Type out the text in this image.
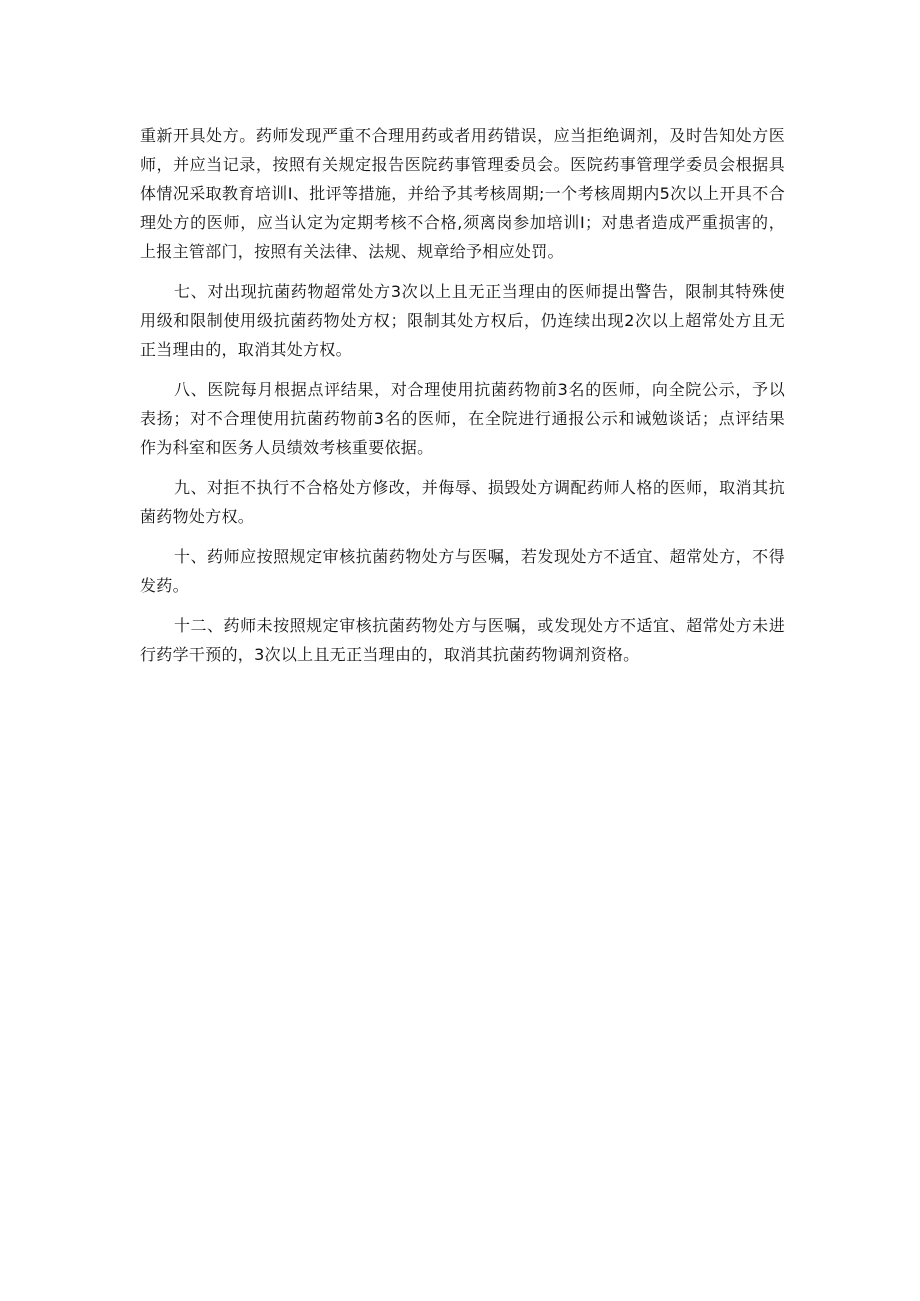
重新开具处方。药师发现严重不合理用药或者用药错误，应当拒绝调剂，及时告知处方医师，并应当记录，按照有关规定报告医院药事管理委员会。医院药事管理学委员会根据具体情况采取教育培训I、批评等措施，并给予其考核周期;一个考核周期内5次以上开具不合理处方的医师，应当认定为定期考核不合格,须离岗参加培训I；对患者造成严重损害的，上报主管部门，按照有关法律、法规、规章给予相应处罚。

七、对出现抗菌药物超常处方3次以上且无正当理由的医师提出警告，限制其特殊使用级和限制使用级抗菌药物处方权；限制其处方权后，仍连续出现2次以上超常处方且无正当理由的，取消其处方权。

八、医院每月根据点评结果，对合理使用抗菌药物前3名的医师，向全院公示，予以表扬；对不合理使用抗菌药物前3名的医师，在全院进行通报公示和诫勉谈话；点评结果作为科室和医务人员绩效考核重要依据。

九、对拒不执行不合格处方修改，并侮辱、损毁处方调配药师人格的医师，取消其抗菌药物处方权。

十、药师应按照规定审核抗菌药物处方与医嘱，若发现处方不适宜、超常处方，不得发药。

十二、药师未按照规定审核抗菌药物处方与医嘱，或发现处方不适宜、超常处方未进行药学干预的，3次以上且无正当理由的，取消其抗菌药物调剂资格。
